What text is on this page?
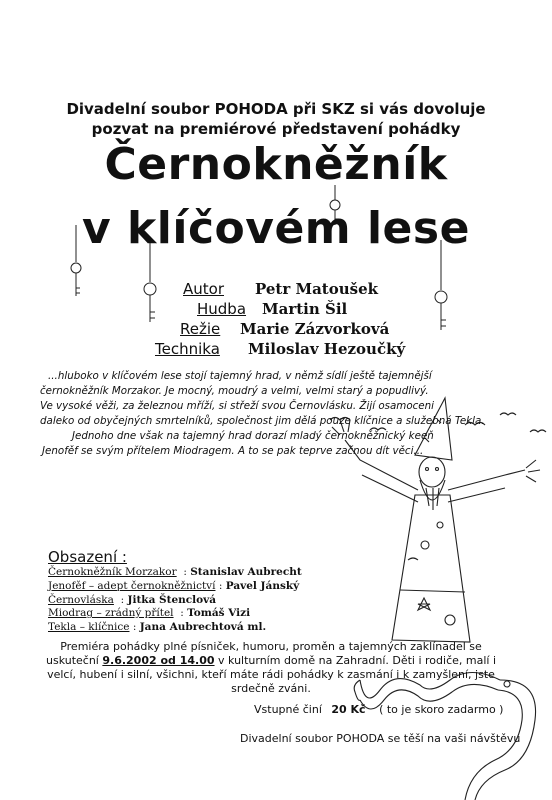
Divadelní soubor POHODA při SKZ si vás dovoluje
pozvat na premiérové představení pohádky
Černokněžník
v klíčovém lese
Autor Petr Matoušek
Hudba Martin Šil
Režie Marie Zázvorková
Technika Miloslav Hezoučký
...hluboko v klíčovém lese stojí tajemný hrad, v němž sídlí ještě tajemnější
černokněžník Morzakor. Je mocný, moudrý a velmi, velmi starý a popudlivý.
Ve vysoké věži, za železnou mříží, si střeží svou Černovlásku. Žijí osamoceni
daleko od obyčejných smrtelníků, společnost jim dělá pouze klíčnice a služebná Tekla.
Jednoho dne však na tajemný hrad dorazí mladý černokněžnický keeň
Jenofěf se svým přítelem Miodragem. A to se pak teprve začnou dít věci...
Obsazení :
Černokněžník Morzakor  : Stanislav Aubrecht
Jenofěf – adept černokněžnictví : Pavel Jánský
Černovláska  : Jitka Štenclová
Miodrag – zrádný přítel  : Tomáš Vizi
Tekla – klíčnice : Jana Aubrechtová ml.
Premiéra pohádky plné písniček, humoru, proměn a tajemných zaklínadel se
uskuteční 9.6.2002 od 14.00 v kulturním domě na Zahradní. Děti i rodiče, malí i
velcí, hubení i silní, všichni, kteří máte rádi pohádky k zasmání i k zamyšlení, jste
srdečně zváni.
Vstupné činí 20 Kč ( to je skoro zadarmo )
Divadelní soubor POHODA se těší na vaši návštěvu
